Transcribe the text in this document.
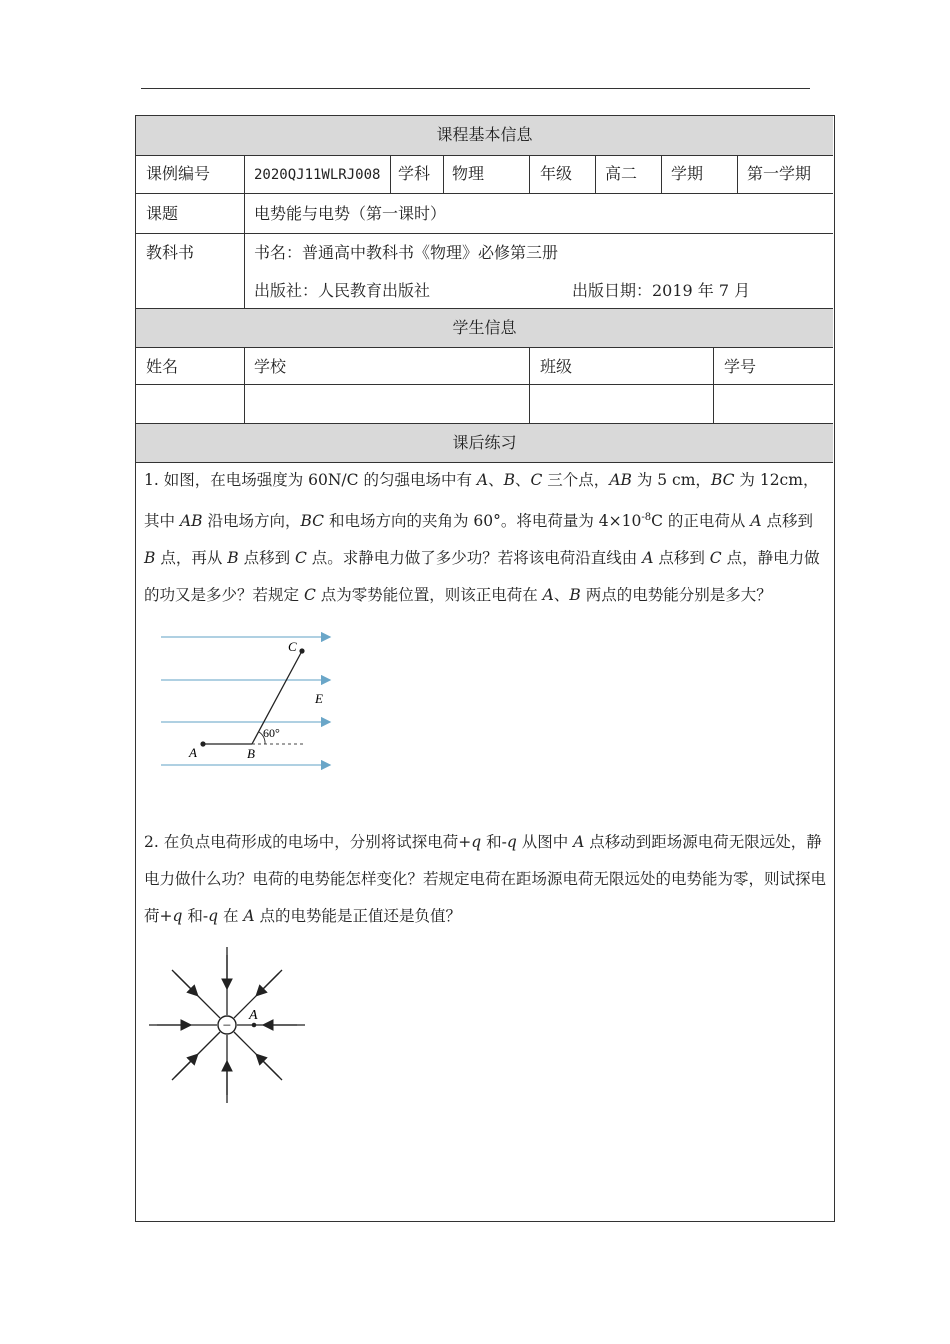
课程基本信息
课例编号	2020QJ11WLRJ008 学科 物理	年级 高二 学期	第一学期
课题	电势能与电势（第一课时）
教科书	书名：普通高中教科书《物理》必修第三册
出版社：人民教育出版社	出版日期：2019 年 7 月
学生信息
姓名	学校	班级	学号
课后练习
1. 如图，在电场强度为 60N/C 的匀强电场中有 A、B、C 三个点，AB 为 5 cm，BC 为 12cm，其中 AB 沿电场方向，BC 和电场方向的夹角为 60°。将电荷量为 $4\times 10^{-8}C$ 的正电荷从 A 点移到 B 点，再从 B 点移到 C 点。求静电力做了多少功？若将该电荷沿直线由 A 点移到 C 点，静电力做的功又是多少？若规定 C 点为零势能位置，则该正电荷在 A、B 两点的电势能分别是多大？
C
E
A	B
60°
2. 在负点电荷形成的电场中，分别将试探电荷+q 和-q 从图中 A 点移动到距场源电荷无限远处，静电力做什么功？电荷的电势能怎样变化？若规定电荷在距场源电荷无限远处的电势能为零，则试探电荷+q 和-q 在 A 点的电势能是正值还是负值？
−
A
